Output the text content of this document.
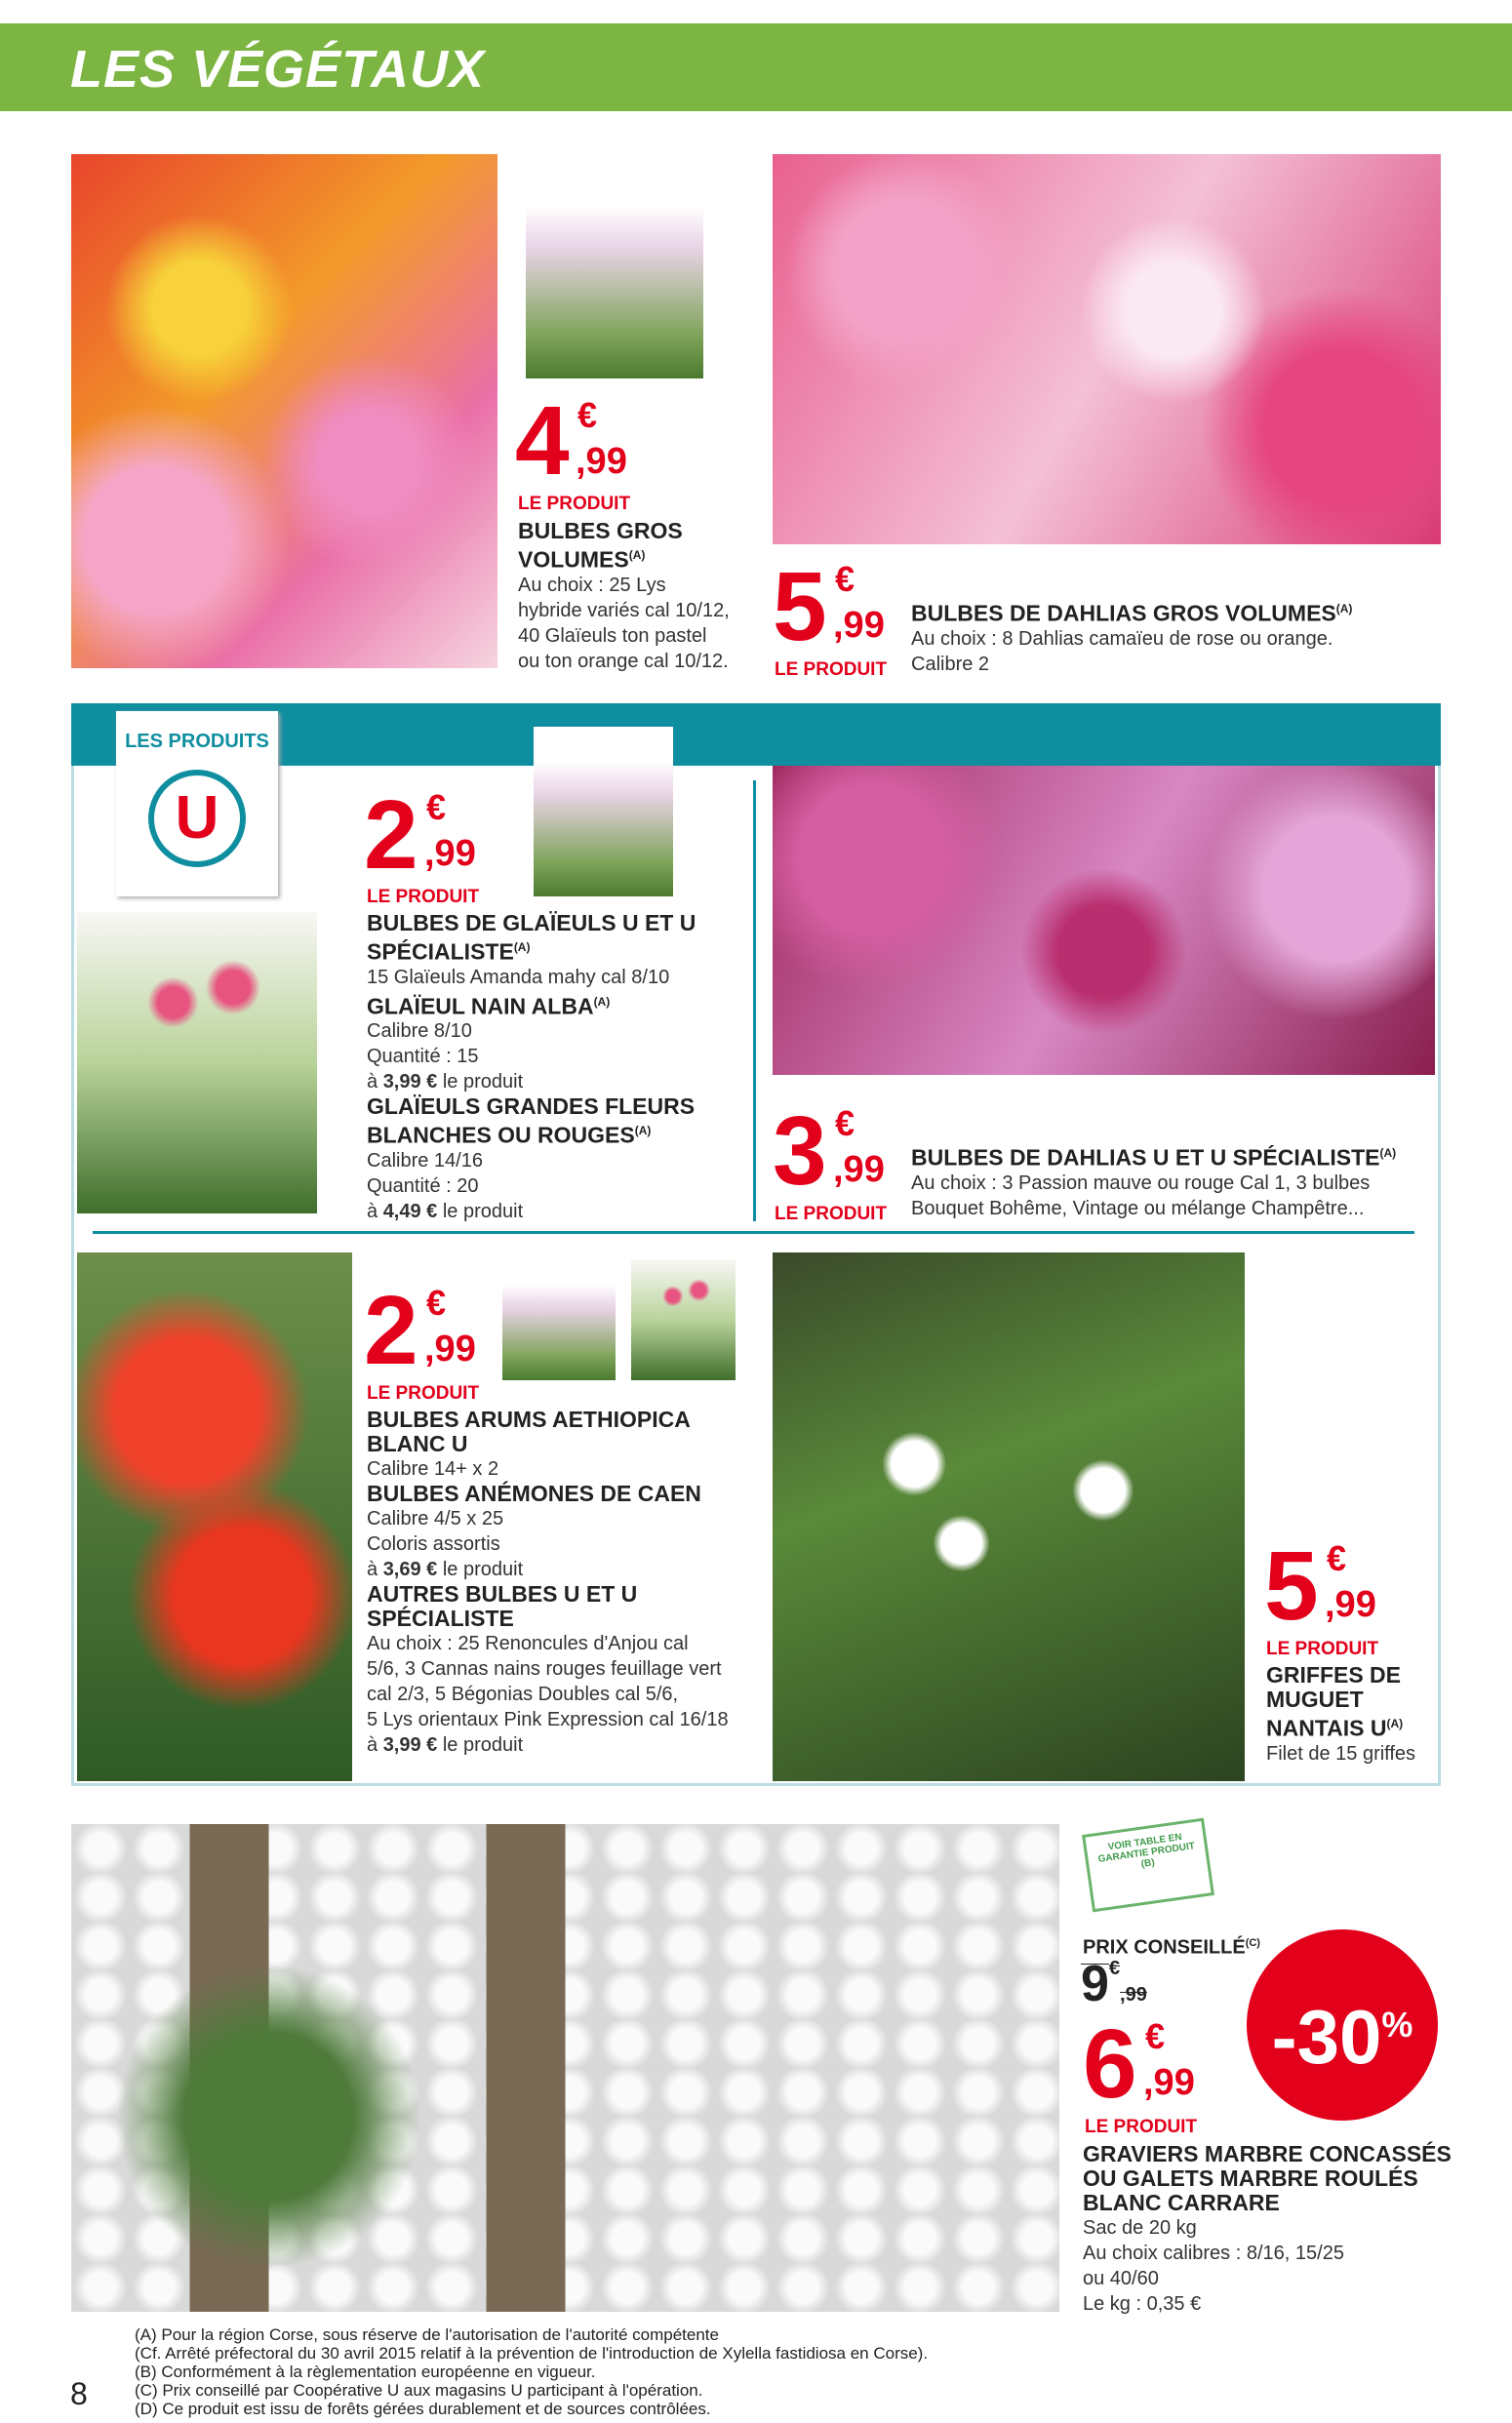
LES VÉGÉTAUX
4 €
,99
LE PRODUIT
BULBES GROS $VOLUMES^{(A)}$
Au choix : 25 Lys
hybride variés cal 10/12,
40 Glaïeuls ton pastel
ou ton orange cal 10/12. 5 €
,99
LE PRODUIT
BULBES DE DAHLIAS GROS $VOLUMES^{(A)}$
Au choix : 8 Dahlias camaïeu de rose ou orange.
Calibre 2
LES PRODUITS
U 2 €
,99
LE PRODUIT
BULBES DE GLAÏEULS U ET U $SPÉCIALISTE^{(A)}$
15 Glaïeuls Amanda mahy cal 8/10
GLAÏEUL NAIN $ALBA^{(A)}$
Calibre 8/10
Quantité : 15
à 3,99 € le produit
GLAÏEULS GRANDES FLEURS BLANCHES OU $ROUGES^{(A)}$
Calibre 14/16
Quantité : 20
à 4,49 € le produit
3 €
,99
LE PRODUIT
BULBES DE DAHLIAS U ET U $SPÉCIALISTE^{(A)}$
Au choix : 3 Passion mauve ou rouge Cal 1, 3 bulbes
Bouquet Bohême, Vintage ou mélange Champêtre...
2 €
,99
LE PRODUIT
BULBES ARUMS AETHIOPICA BLANC U
Calibre 14+ x 2
BULBES ANÉMONES DE CAEN
Calibre 4/5 x 25
Coloris assortis
à 3,69 € le produit
AUTRES BULBES U ET U SPÉCIALISTE
Au choix : 25 Renoncules d'Anjou cal
5/6, 3 Cannas nains rouges feuillage vert
cal 2/3, 5 Bégonias Doubles cal 5/6,
5 Lys orientaux Pink Expression cal 16/18
à 3,99 € le produit
5 €
,99
LE PRODUIT
GRIFFES DE MUGUET NANTAIS $U^{(A)}$
Filet de 15 griffes
VOIR TABLE EN GARANTIE PRODUIT (B)
PRIX $CONSEILLÉ^{(C)}$
9€,99
6 €
,99
LE PRODUIT
-30%
GRAVIERS MARBRE CONCASSÉS OU GALETS MARBRE ROULÉS BLANC CARRARE
Sac de 20 kg
Au choix calibres : 8/16, 15/25
ou 40/60
Le kg : 0,35 €
(A) Pour la région Corse, sous réserve de l'autorisation de l'autorité compétente
(Cf. Arrêté préfectoral du 30 avril 2015 relatif à la prévention de l'introduction de Xylella fastidiosa en Corse).
(B) Conformément à la règlementation européenne en vigueur.
(C) Prix conseillé par Coopérative U aux magasins U participant à l'opération.
(D) Ce produit est issu de forêts gérées durablement et de sources contrôlées.
8
